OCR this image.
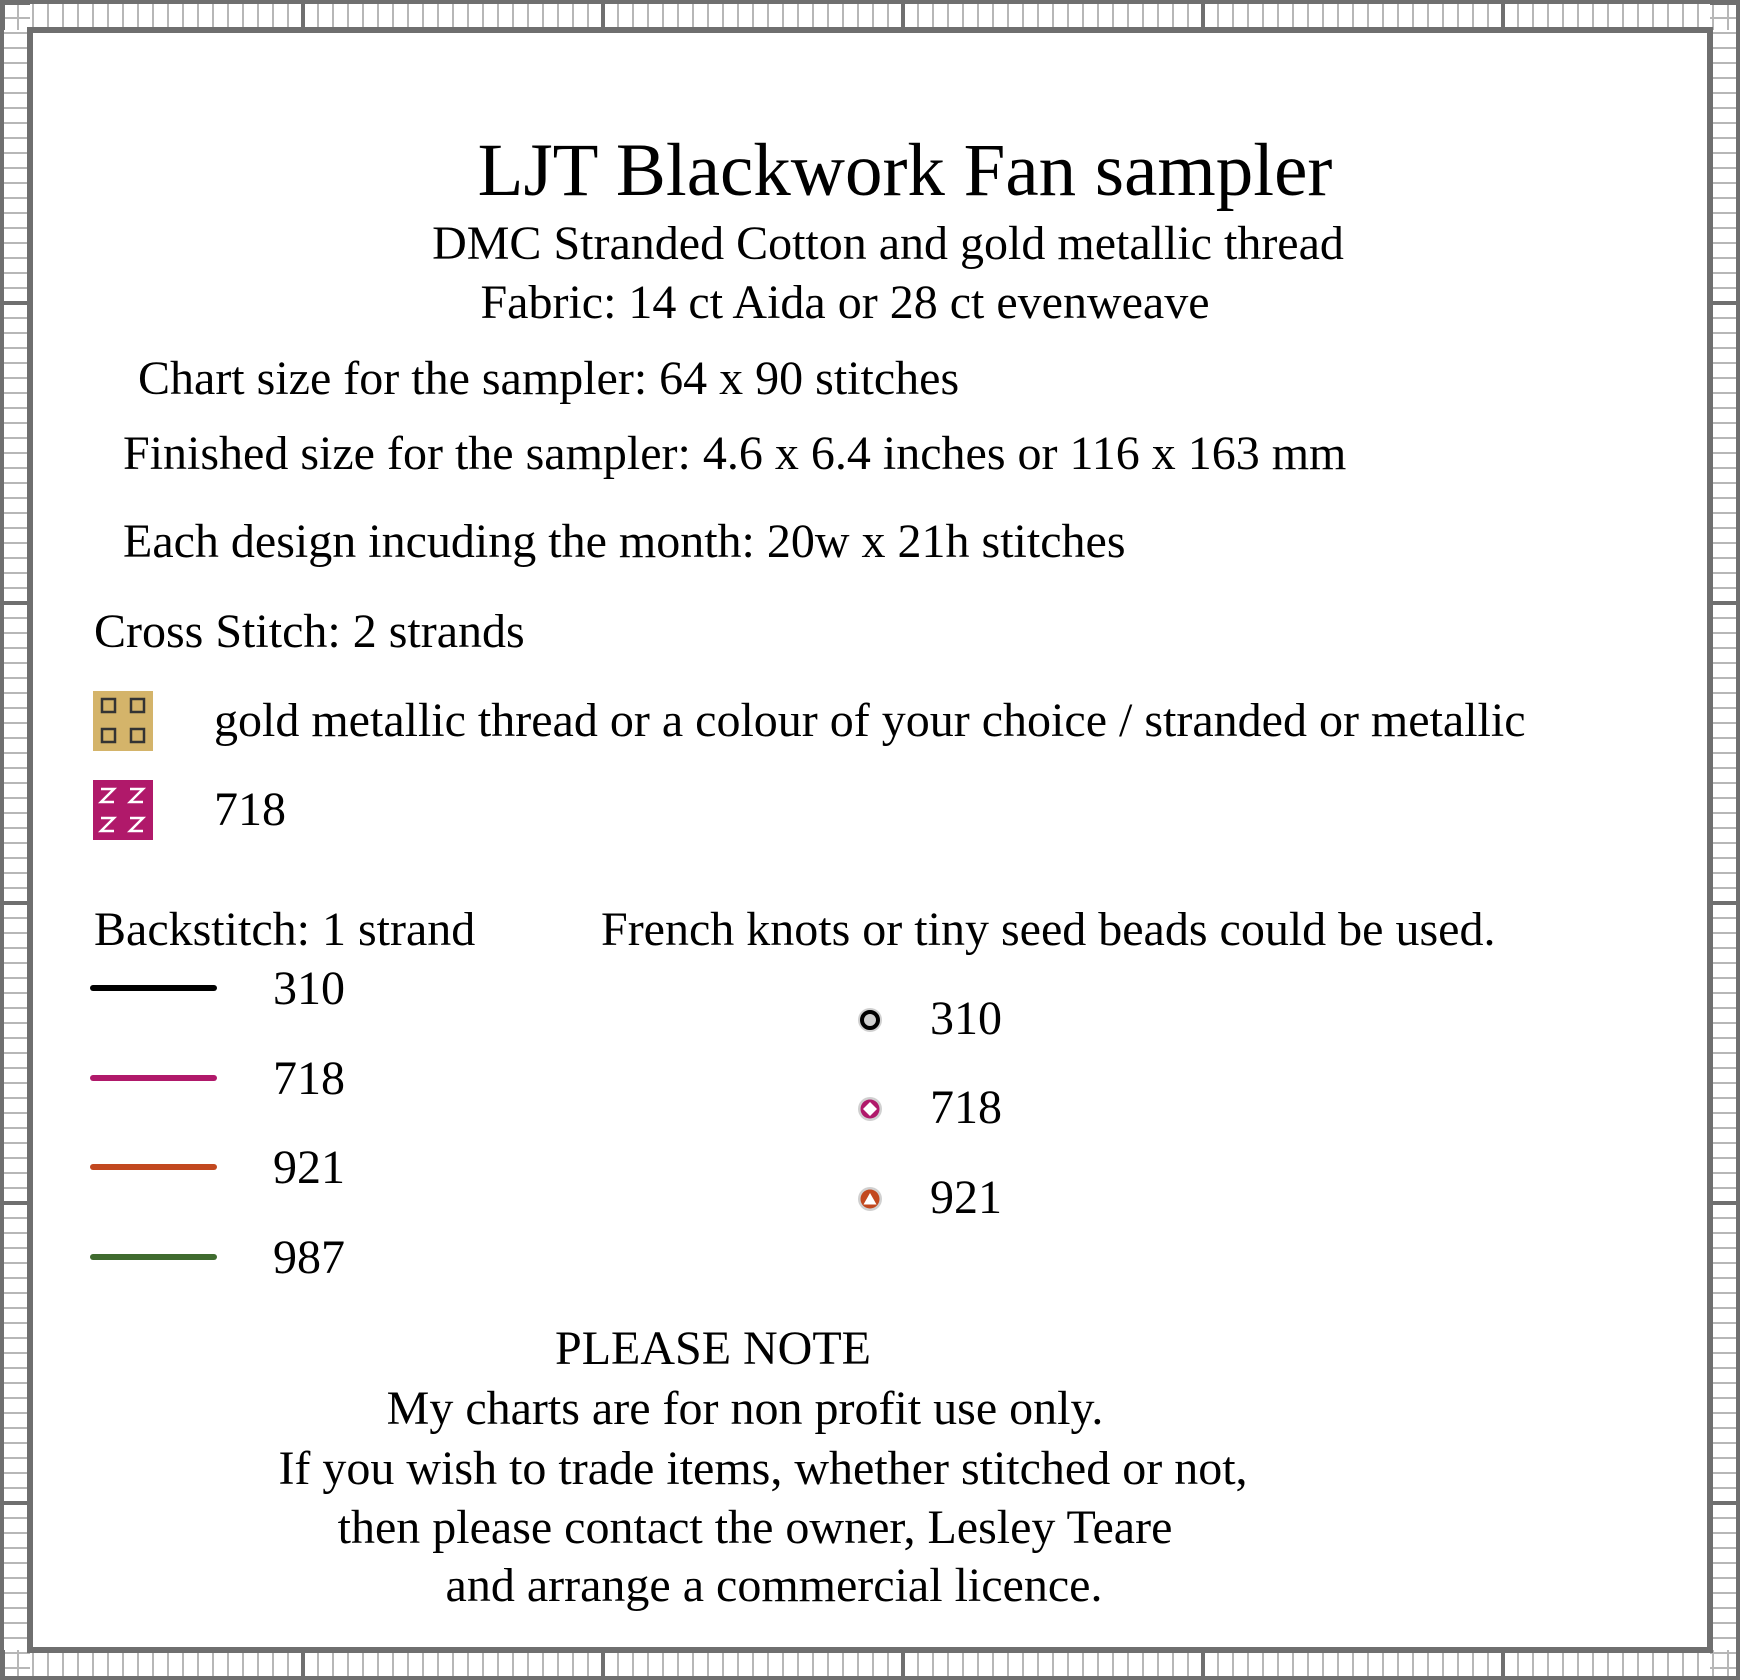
LJT Blackwork Fan sampler
DMC Stranded Cotton and gold metallic thread
Fabric: 14 ct Aida or 28 ct evenweave
Chart size for the sampler: 64 x 90 stitches
Finished size for the sampler: 4.6 x 6.4 inches or 116 x 163 mm
Each design incuding the month: 20w x 21h stitches
Cross Stitch: 2 strands
gold metallic thread or a colour of your choice / stranded or metallic
718
Backstitch: 1 strand
310
718
921
987
French knots or tiny seed beads could be used.
310
718
921
PLEASE NOTE
My charts are for non profit use only.
If you wish to trade items, whether stitched or not,
then please contact the owner, Lesley Teare
and arrange a commercial licence.
